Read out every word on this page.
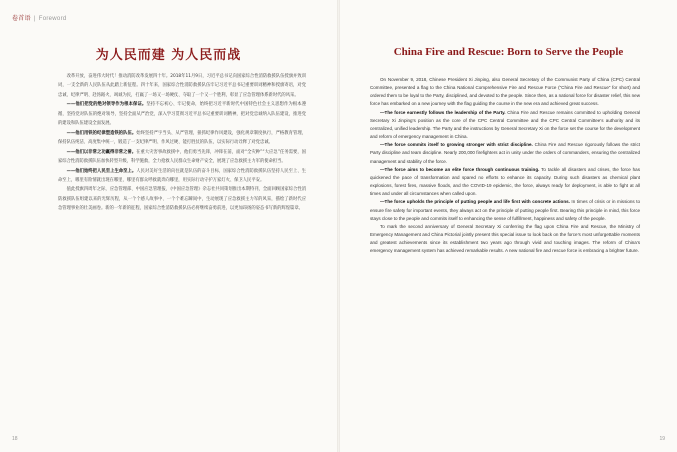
卷首语 | Foreword
为人民而建 为人民而战

改革开放，奋进伟大时代！推动消防改革发展四十年。2018年11月9日，习近平总书记向国家综合性消防救援队伍授旗并致训词，一支全新的人民队伍从此踏上新征程。四十年来，国家综合性消防救援队伍牢记习近平总书记重要训词精神和授旗寄语，对党忠诚、纪律严明、赴汤蹈火、竭诚为民，打赢了一场又一场硬仗、夺取了一个又一个胜利，彰显了应急管理体系新时代的风采。

——他们把党的绝对领导作为根本保证。坚持不忘初心、牢记使命，始终把习近平新时代中国特色社会主义思想作为根本遵循，坚持党对队伍的绝对领导，坚持全面从严治党，深入学习贯彻习近平总书记重要训词精神，把对党忠诚纳入队伍建设，推进党的建设和队伍建设全面发展。

——他们用铁的纪律塑造铁的队伍。始终坚持严字当头、从严管理，狠抓纪律作风建设，强化规章制度执行，严格教育管理，保持队伍纯洁、高度集中统一，锻造了一支纪律严明、作风过硬、能打胜仗的队伍，以实际行动诠释了对党忠诚。

——他们以非常之功赢得非常之誉。在重大灾害事故救援中，他们勇当先锋，冲锋在前，面对“全灾种”“大应急”任务需要，国家综合性消防救援队伍加快转型升级，科学施救，全力抢救人民群众生命财产安全，展现了应急救援主力军的使命担当。

——他们始终把人民至上生命至上。人民对美好生活的向往就是队伍的奋斗目标，国家综合性消防救援队伍坚持人民至上、生命至上，哪里有险情就出现在哪里，哪里有群众呼救就奔向哪里，用实际行动守护万家灯火、保卫人民平安。

值此授旗四周年之际，应急管理部、中国应急管理报、《中国应急管理》杂志社共同策划推出本期特刊，全面回顾国家综合性消防救援队伍组建以来的光辉历程，从一个个感人故事中、一个个难忘瞬间中，生动展现了应急救援主力军的风采，描绘了新时代应急管理事业的壮美画卷。新的一年新的征程，国家综合性消防救援队伍必将继续奋勇前进，以更加昂扬的姿态书写新的辉煌篇章。

18
China Fire and Rescue: Born to Serve the People

On November 9, 2018, Chinese President Xi Jinping, also General Secretary of the Communist Party of China (CPC) Central Committee, presented a flag to the China National Comprehensive Fire and Rescue Force (“China Fire and Rescue” for short) and ordered them to be loyal to the Party, disciplined, and devoted to the people. Since then, as a national force for disaster relief, this new force has embarked on a new journey with the flag guiding the course in the new era and achieved great success.

—The force earnestly follows the leadership of the Party. China Fire and Rescue remains committed to upholding General Secretary Xi Jinping’s position as the core of the CPC Central Committee and the CPC Central Committee’s authority and its centralized, unified leadership. The Party and the instructions by General Secretary Xi on the force set the course for the development and reform of emergency management in China.

—The force commits itself to growing stronger with strict discipline. China Fire and Rescue rigorously follows the strict Party discipline and team discipline. Nearly 200,000 firefighters act in unity under the orders of commanders, ensuring the centralized management and stability of the force.

—The force aims to become an elite force through continuous training. To tackle all disasters and crises, the force has quickened the pace of transformation and spared no efforts to enhance its capacity. During such disasters as chemical plant explosions, forest fires, massive floods, and the COVID-19 epidemic, the force, always ready for deployment, is able to fight at all times and under all circumstances when called upon.

—The force upholds the principle of putting people and life first with concrete actions. In times of crisis or in missions to ensure fire safety for important events, they always act on the principle of putting people first. Bearing this principle in mind, this force stays close to the people and commits itself to enhancing the sense of fulfillment, happiness and safety of the people.

To mark the second anniversary of General Secretary Xi conferring the flag upon China Fire and Rescue, the Ministry of Emergency Management and China Pictorial jointly present this special issue to look back on the force’s most unforgettable moments and greatest achievements since its establishment two years ago through vivid and touching images. The reform of China’s emergency management system has achieved remarkable results. A new national fire and rescue force is embracing a brighter future.

19
